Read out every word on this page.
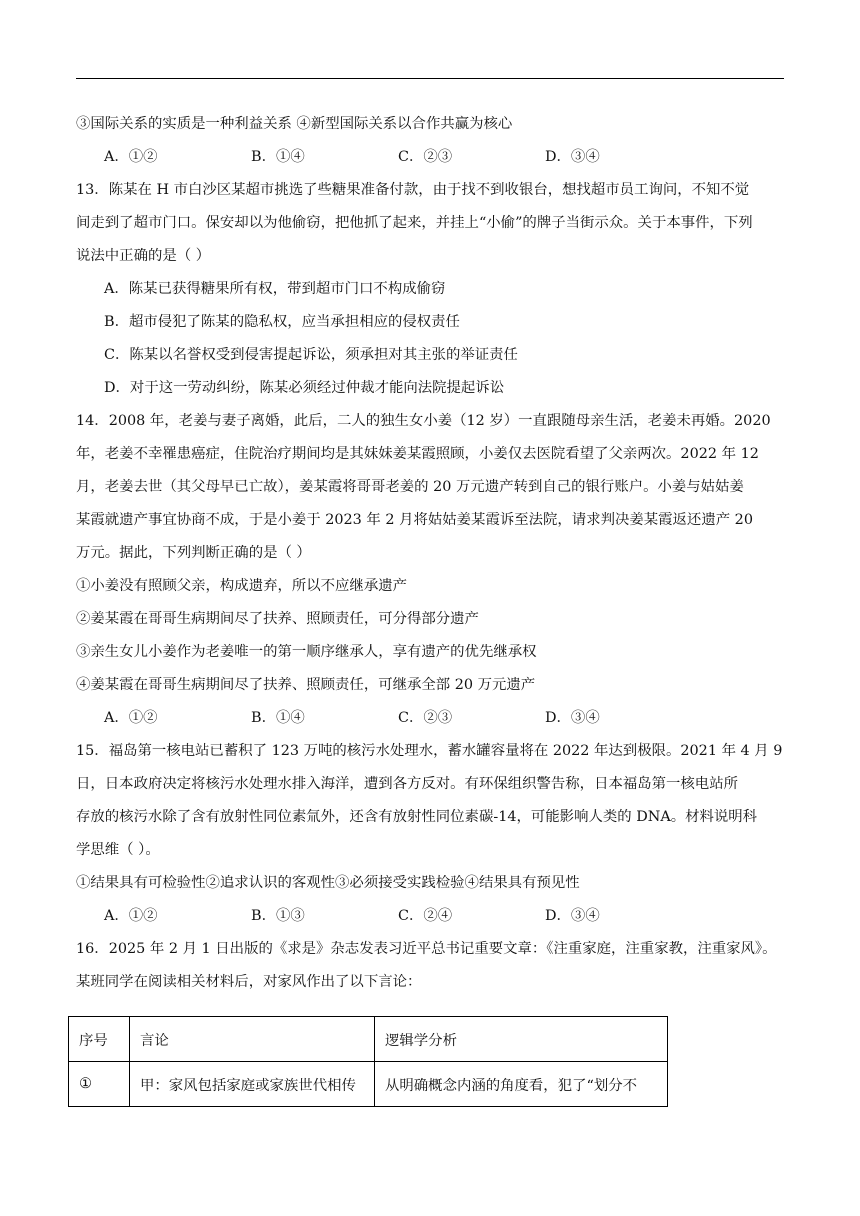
③国际关系的实质是一种利益关系 ④新型国际关系以合作共赢为核心
A．①②	B．①④	C．②③	D．③④
13．陈某在 H 市白沙区某超市挑选了些糖果准备付款，由于找不到收银台，想找超市员工询问，不知不觉
间走到了超市门口。保安却以为他偷窃，把他抓了起来，并挂上“小偷”的牌子当街示众。关于本事件，下列
说法中正确的是（ ）
A．陈某已获得糖果所有权，带到超市门口不构成偷窃
B．超市侵犯了陈某的隐私权，应当承担相应的侵权责任
C．陈某以名誉权受到侵害提起诉讼，须承担对其主张的举证责任
D．对于这一劳动纠纷，陈某必须经过仲裁才能向法院提起诉讼
14．2008 年，老姜与妻子离婚，此后，二人的独生女小姜（12 岁）一直跟随母亲生活，老姜未再婚。2020
年，老姜不幸罹患癌症，住院治疗期间均是其妹妹姜某霞照顾，小姜仅去医院看望了父亲两次。2022 年 12
月，老姜去世（其父母早已亡故），姜某霞将哥哥老姜的 20 万元遗产转到自己的银行账户。小姜与姑姑姜
某霞就遗产事宜协商不成，于是小姜于 2023 年 2 月将姑姑姜某霞诉至法院，请求判决姜某霞返还遗产 20
万元。据此，下列判断正确的是（ ）
①小姜没有照顾父亲，构成遗弃，所以不应继承遗产
②姜某霞在哥哥生病期间尽了扶养、照顾责任，可分得部分遗产
③亲生女儿小姜作为老姜唯一的第一顺序继承人，享有遗产的优先继承权
④姜某霞在哥哥生病期间尽了扶养、照顾责任，可继承全部 20 万元遗产
A．①②	B．①④	C．②③	D．③④
15．福岛第一核电站已蓄积了 123 万吨的核污水处理水，蓄水罐容量将在 2022 年达到极限。2021 年 4 月 9
日，日本政府决定将核污水处理水排入海洋，遭到各方反对。有环保组织警告称，日本福岛第一核电站所
存放的核污水除了含有放射性同位素氚外，还含有放射性同位素碳-14，可能影响人类的 DNA。材料说明科
学思维（ ）。
①结果具有可检验性②追求认识的客观性③必须接受实践检验④结果具有预见性
A．①②	B．①③	C．②④	D．③④
16．2025 年 2 月 1 日出版的《求是》杂志发表习近平总书记重要文章：《注重家庭，注重家教，注重家风》。
某班同学在阅读相关材料后，对家风作出了以下言论：
序号	言论	逻辑学分析
①	甲：家风包括家庭或家族世代相传	从明确概念内涵的角度看，犯了“划分不
